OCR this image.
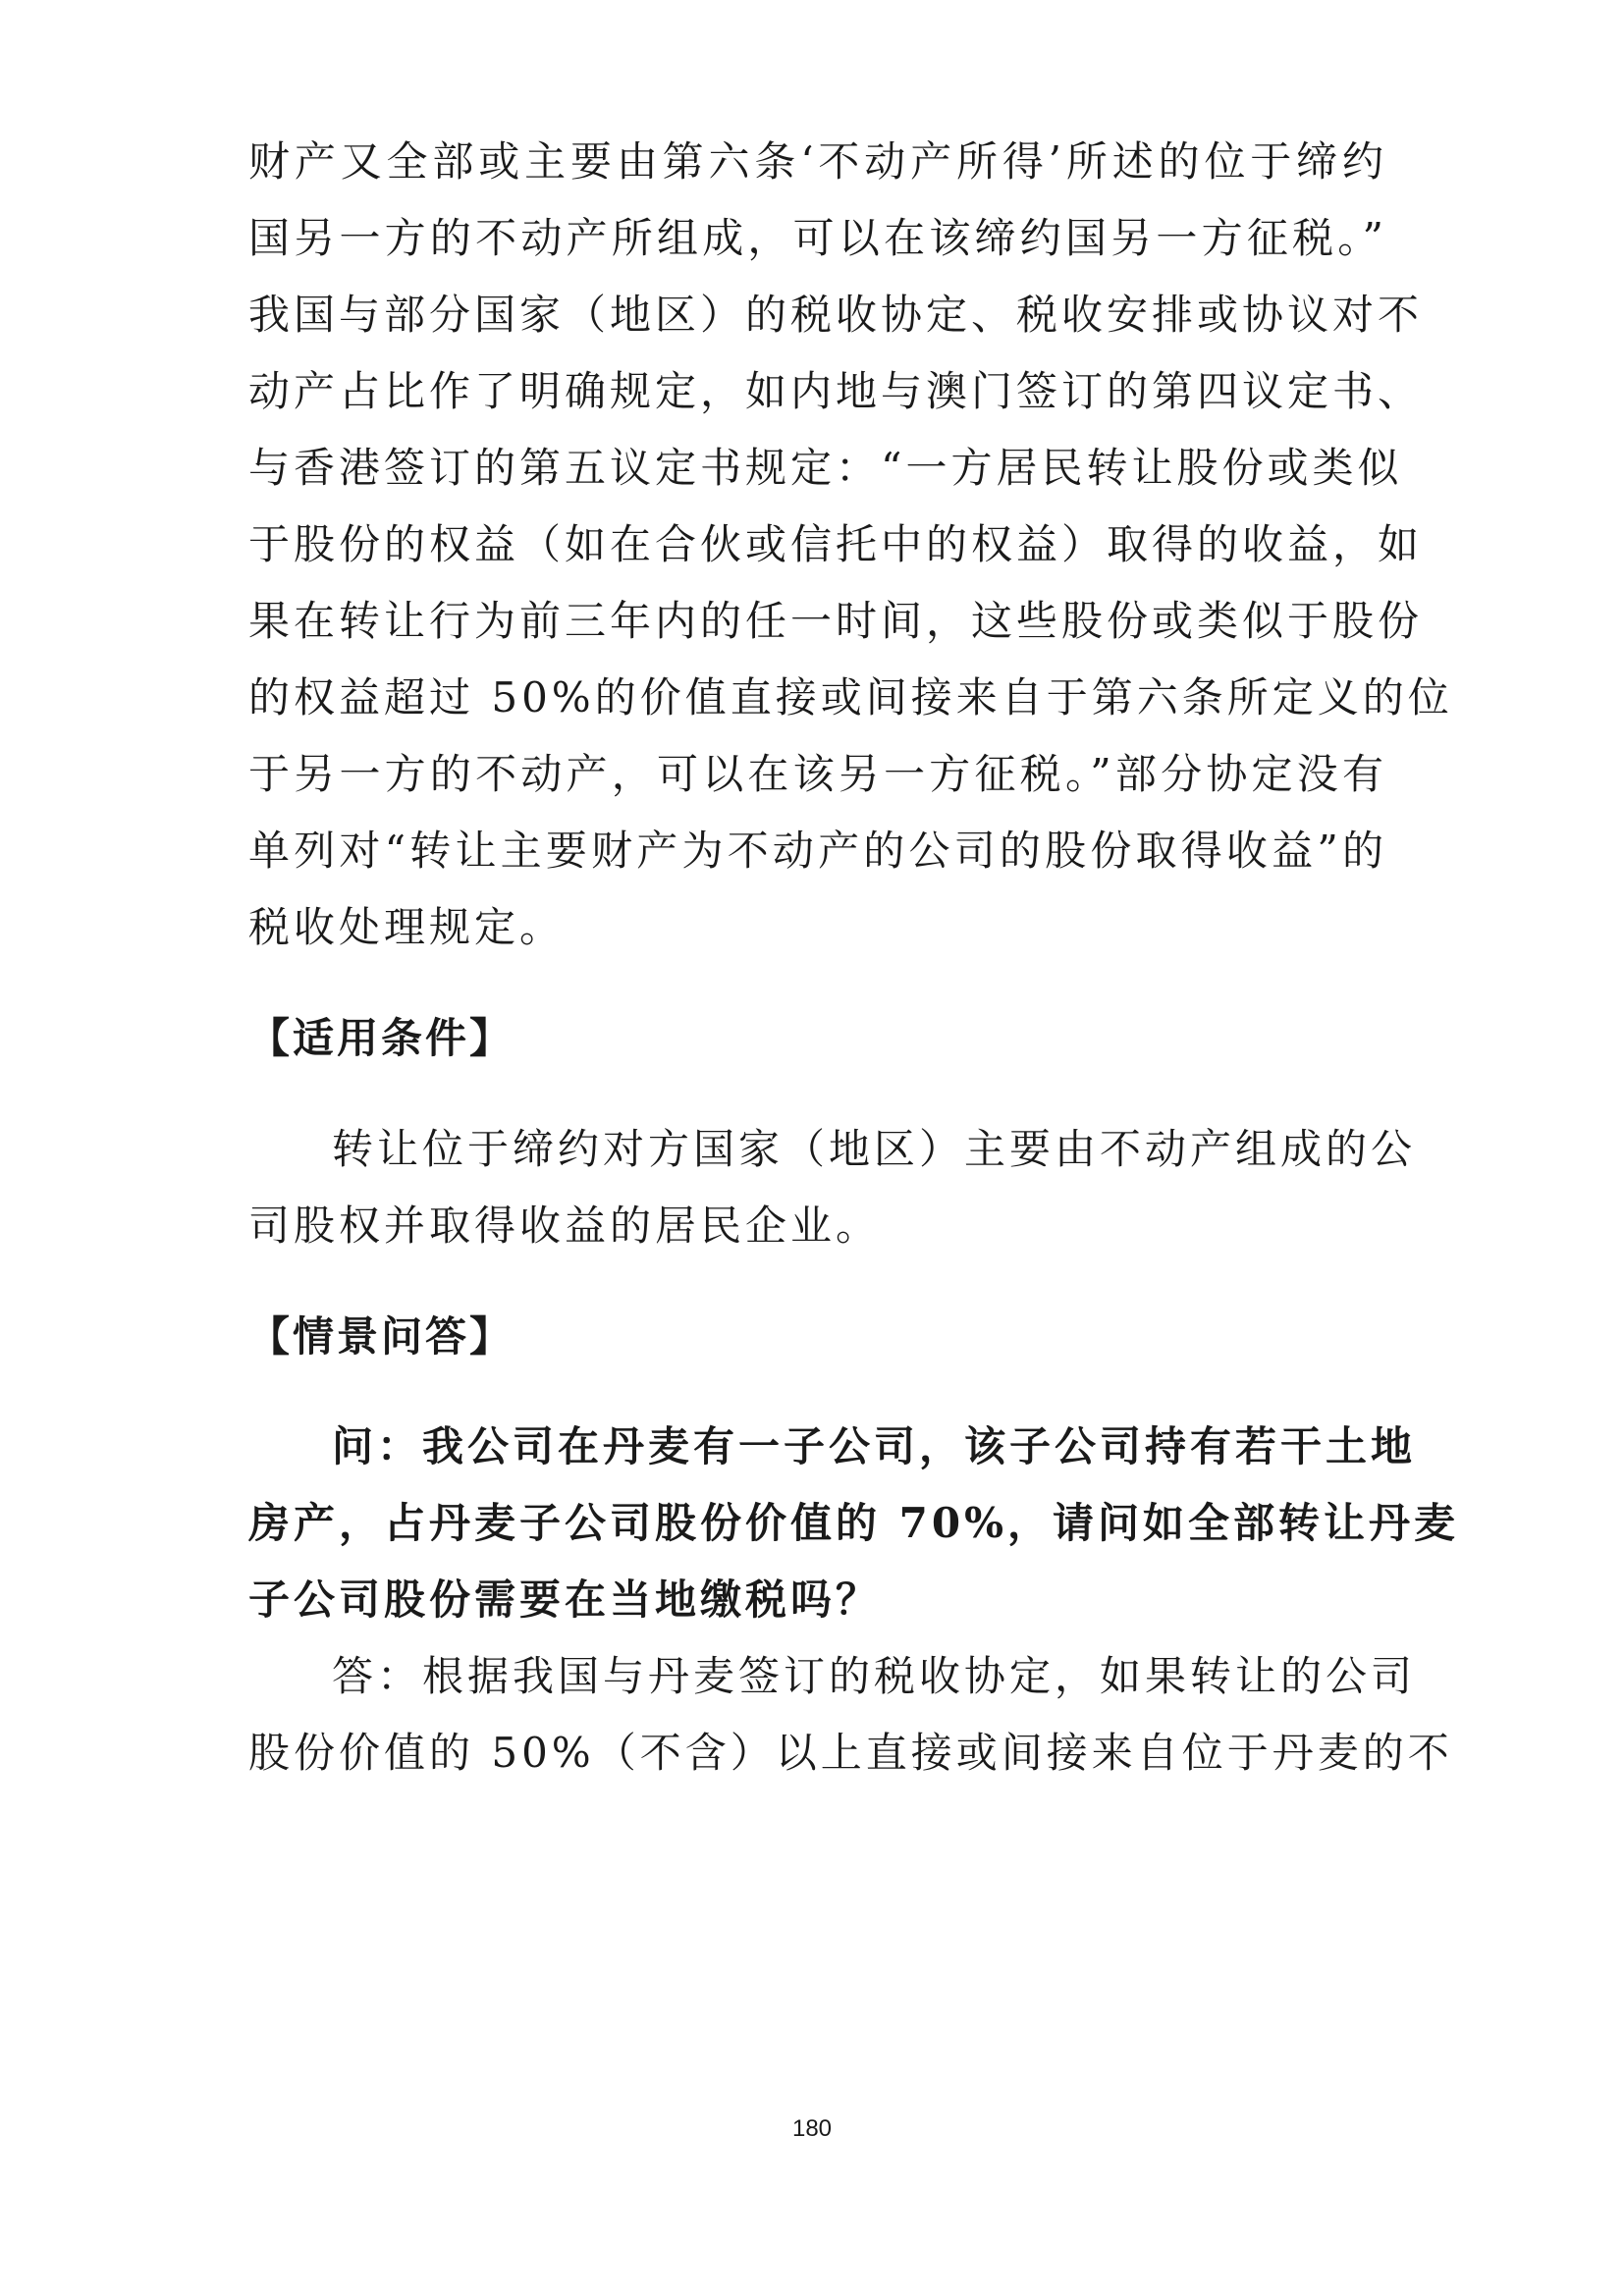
财产又全部或主要由第六条‘不动产所得’所述的位于缔约
国另一方的不动产所组成，可以在该缔约国另一方征税。”
我国与部分国家（地区）的税收协定、税收安排或协议对不
动产占比作了明确规定，如内地与澳门签订的第四议定书、
与香港签订的第五议定书规定：“一方居民转让股份或类似
于股份的权益（如在合伙或信托中的权益）取得的收益，如
果在转让行为前三年内的任一时间，这些股份或类似于股份
的权益超过 50%的价值直接或间接来自于第六条所定义的位
于另一方的不动产，可以在该另一方征税。”部分协定没有
单列对“转让主要财产为不动产的公司的股份取得收益”的
税收处理规定。
【适用条件】
转让位于缔约对方国家（地区）主要由不动产组成的公
司股权并取得收益的居民企业。
【情景问答】
问：我公司在丹麦有一子公司，该子公司持有若干土地
房产，占丹麦子公司股份价值的 70%，请问如全部转让丹麦
子公司股份需要在当地缴税吗？
答：根据我国与丹麦签订的税收协定，如果转让的公司
股份价值的 50%（不含）以上直接或间接来自位于丹麦的不
180
